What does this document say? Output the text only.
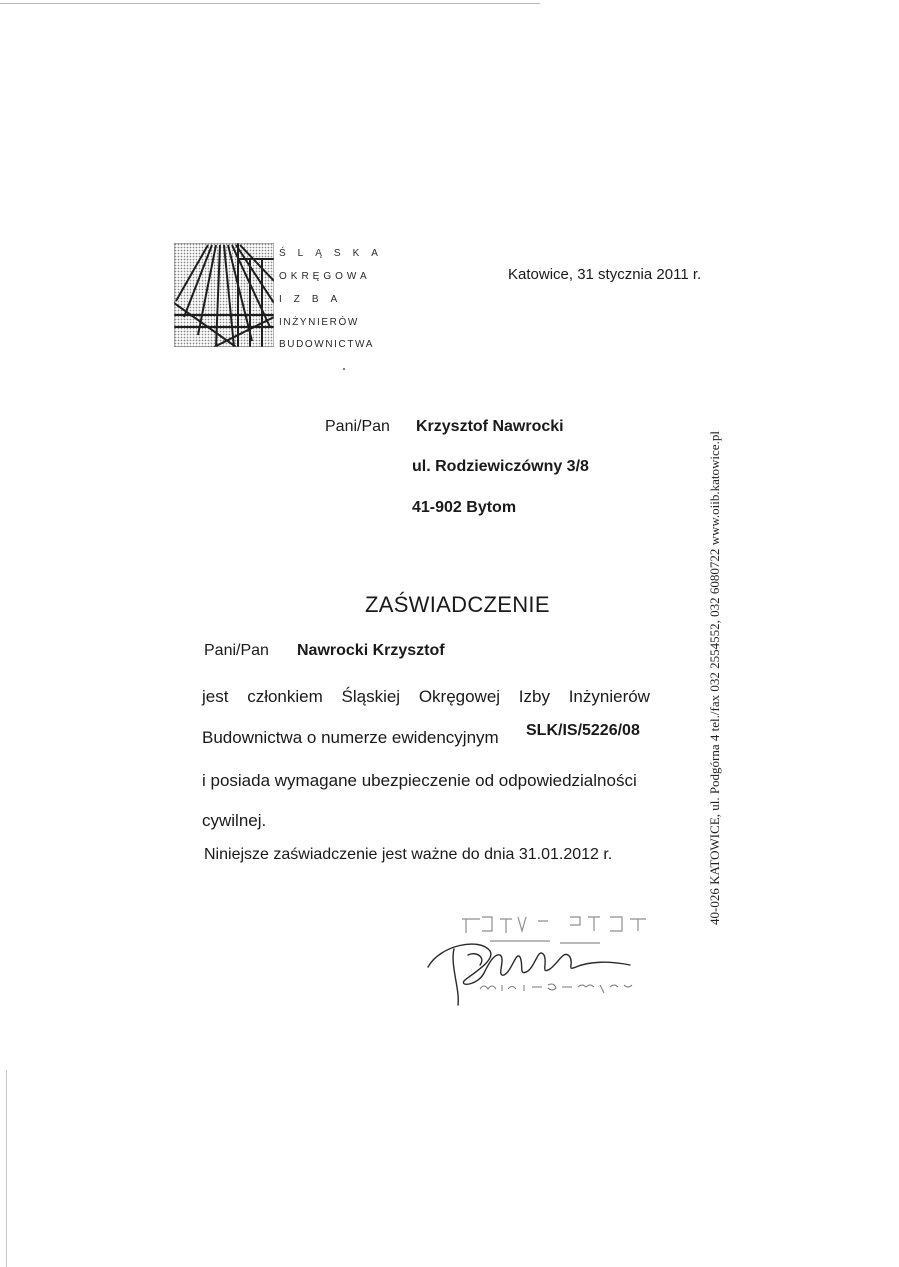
ŚLĄSKA
OKRĘGOWA
IZBA
INŻYNIERÓW
BUDOWNICTWA
Katowice, 31 stycznia 2011 r.
Pani/Pan Krzysztof Nawrocki
ul. Rodziewiczówny 3/8
41-902 Bytom
ZAŚWIADCZENIE
Pani/Pan Nawrocki Krzysztof
jest członkiem Śląskiej Okręgowej Izby Inżynierów
Budownictwa o numerze ewidencyjnym SLK/IS/5226/08
i posiada wymagane ubezpieczenie od odpowiedzialności
cywilnej.
Niniejsze zaświadczenie jest ważne do dnia 31.01.2012 r.	40-026 KATOWICE, ul. Podgórna 4 tel./fax 032 2554552, 032 6080722 www.oiib.katowice.pl
